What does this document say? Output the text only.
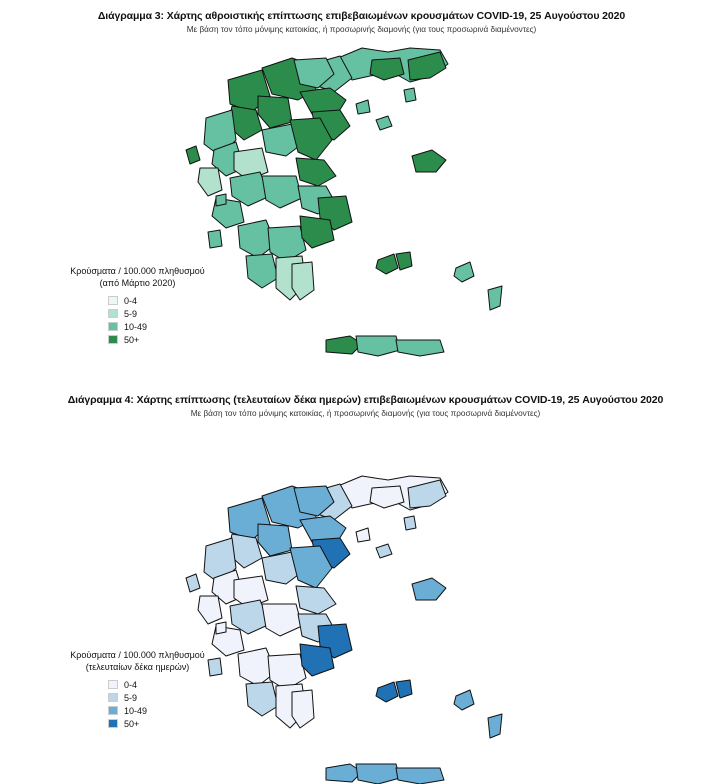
Διάγραμμα 3: Χάρτης αθροιστικής επίπτωσης επιβεβαιωμένων κρουσμάτων COVID-19, 25 Αυγούστου 2020
Με βάση τον τόπο μόνιμης κατοικίας, ή προσωρινής διαμονής (για τους προσωρινά διαμένοντες)
Κρούσματα / 100.000 πληθυσμού
(από Μάρτιο 2020)
0-4
5-9
10-49
50+
Διάγραμμα 4: Χάρτης επίπτωσης (τελευταίων δέκα ημερών) επιβεβαιωμένων κρουσμάτων COVID-19, 25 Αυγούστου 2020
Με βάση τον τόπο μόνιμης κατοικίας, ή προσωρινής διαμονής (για τους προσωρινά διαμένοντες)
Κρούσματα / 100.000 πληθυσμού
(τελευταίων δέκα ημερών)
0-4
5-9
10-49
50+
